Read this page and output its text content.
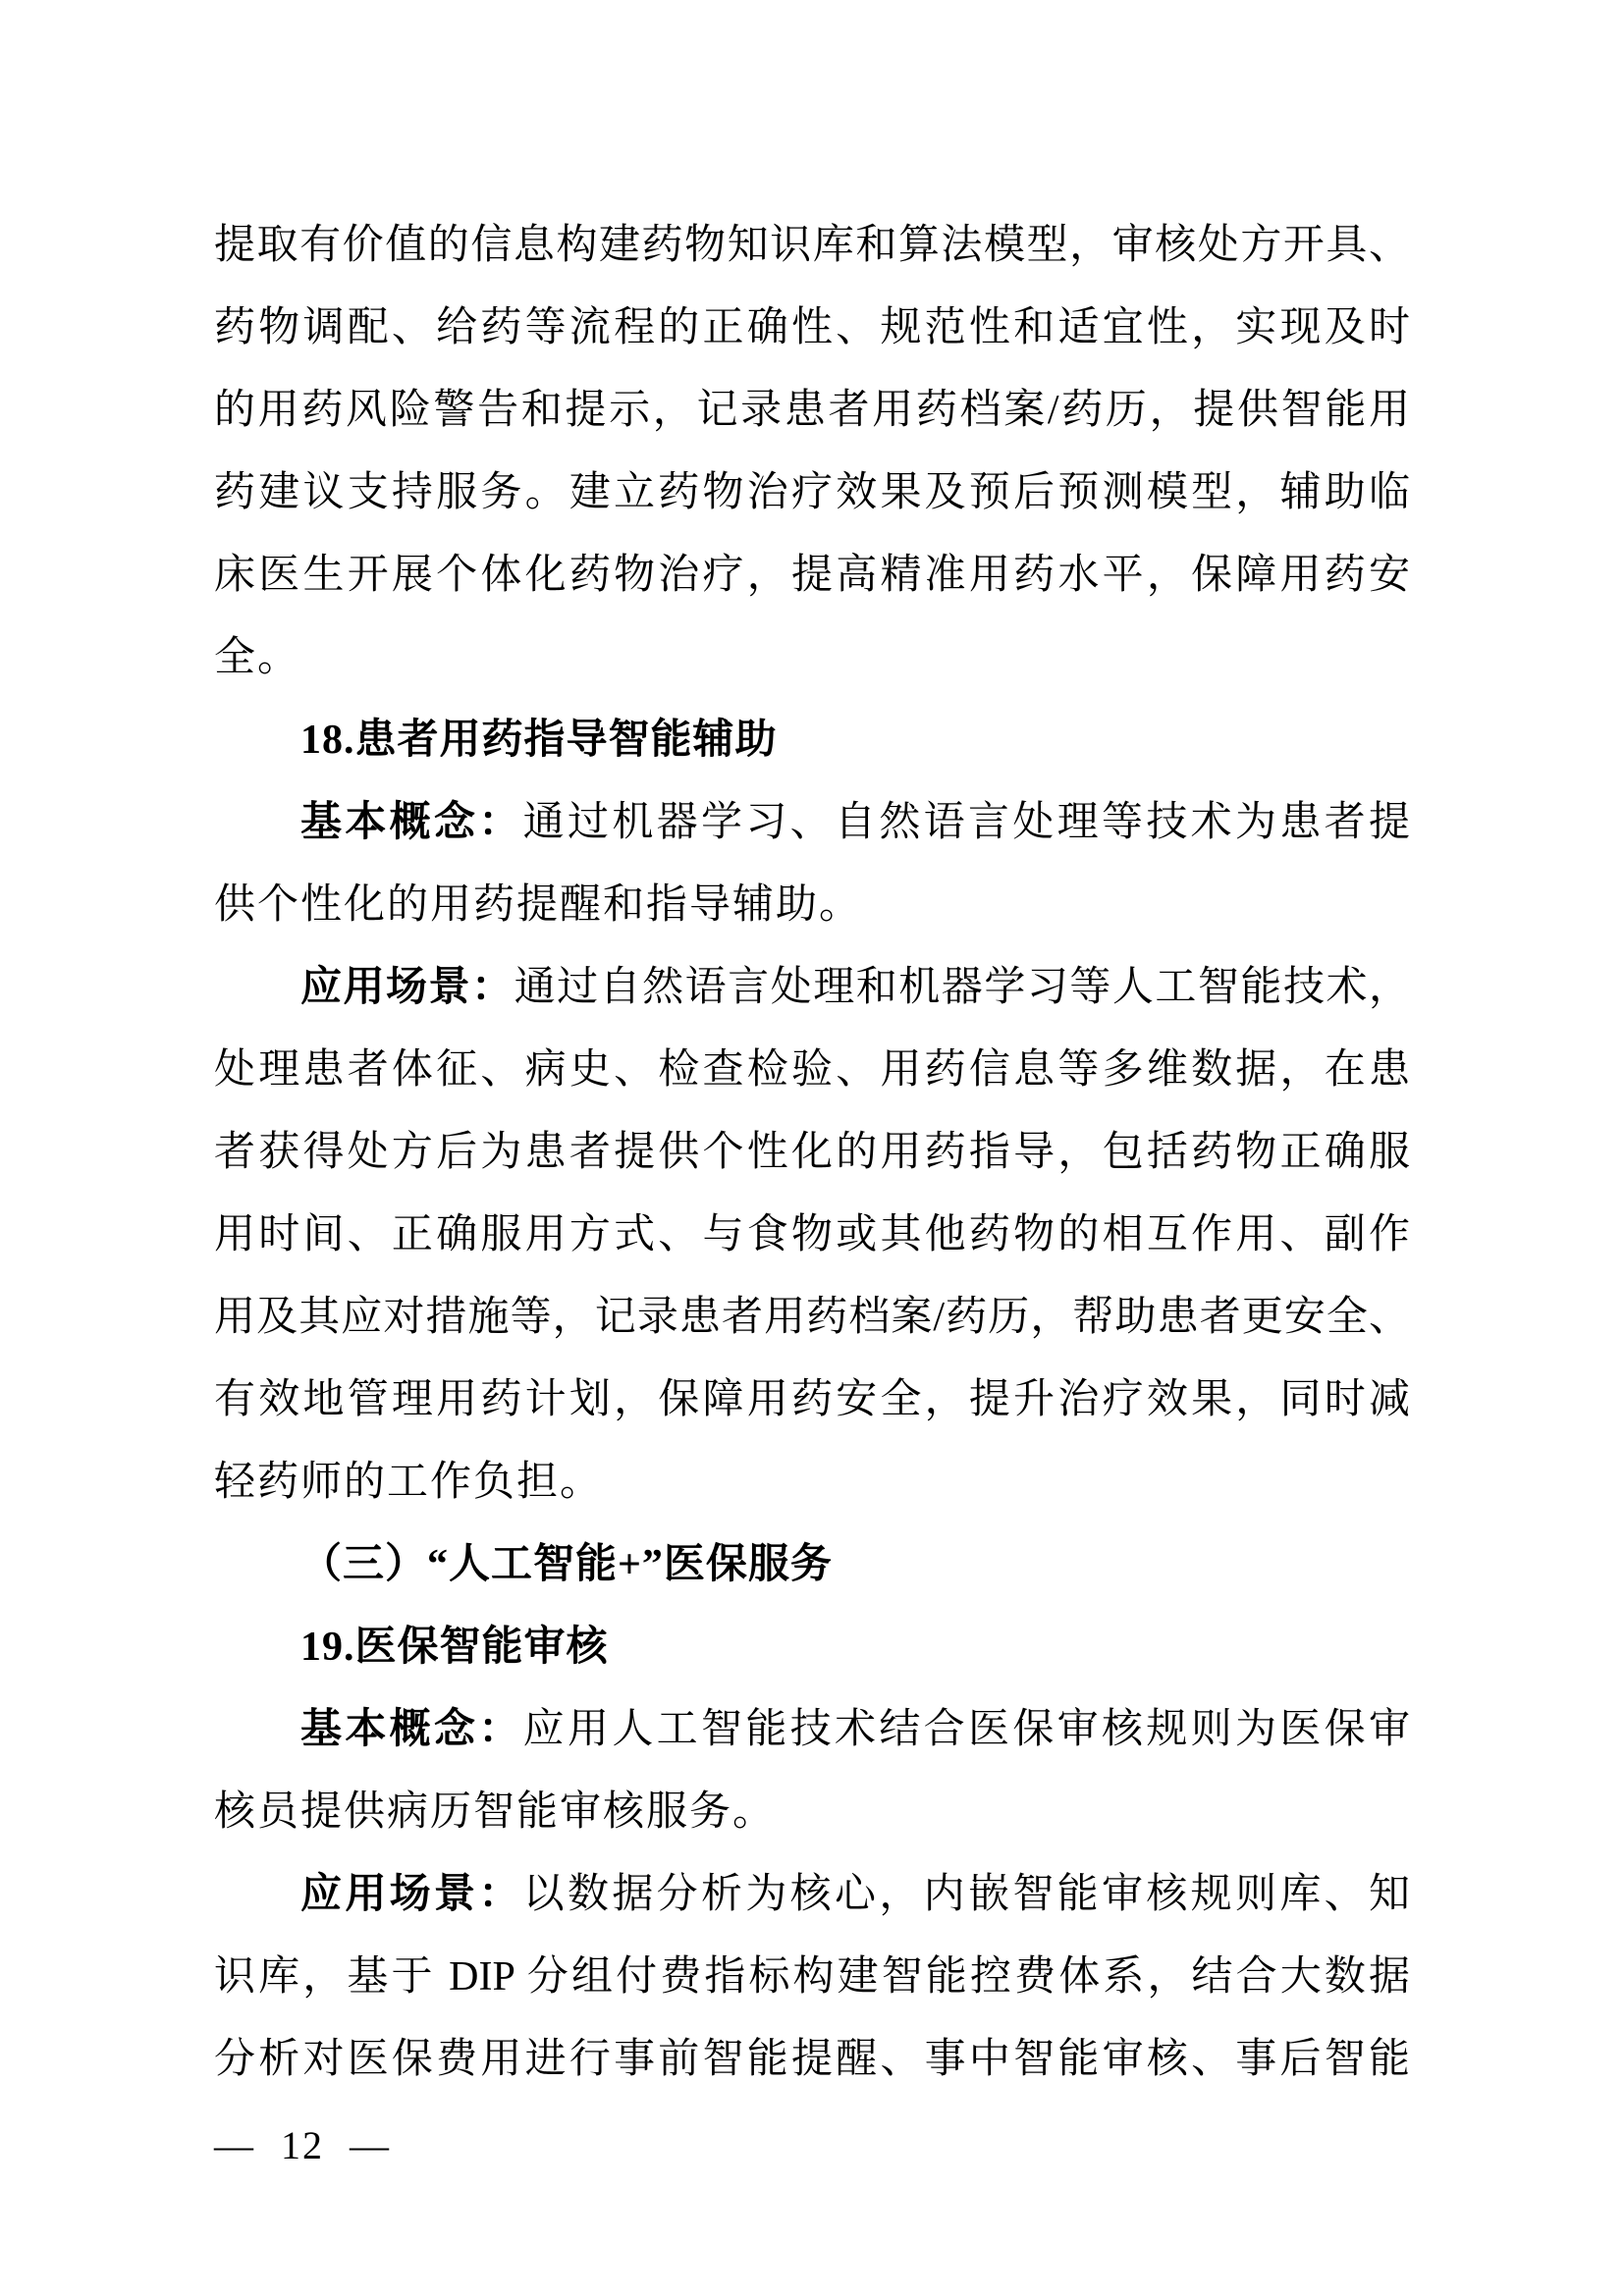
提取有价值的信息构建药物知识库和算法模型，审核处方开具、
药物调配、给药等流程的正确性、规范性和适宜性，实现及时
的用药风险警告和提示，记录患者用药档案/药历，提供智能用
药建议支持服务。建立药物治疗效果及预后预测模型，辅助临
床医生开展个体化药物治疗，提高精准用药水平，保障用药安
全。
18.患者用药指导智能辅助
基本概念：通过机器学习、自然语言处理等技术为患者提
供个性化的用药提醒和指导辅助。
应用场景：通过自然语言处理和机器学习等人工智能技术，
处理患者体征、病史、检查检验、用药信息等多维数据，在患
者获得处方后为患者提供个性化的用药指导，包括药物正确服
用时间、正确服用方式、与食物或其他药物的相互作用、副作
用及其应对措施等，记录患者用药档案/药历，帮助患者更安全、
有效地管理用药计划，保障用药安全，提升治疗效果，同时减
轻药师的工作负担。
（三）“人工智能+”医保服务
19.医保智能审核
基本概念：应用人工智能技术结合医保审核规则为医保审
核员提供病历智能审核服务。
应用场景：以数据分析为核心，内嵌智能审核规则库、知
识库，基于 DIP 分组付费指标构建智能控费体系，结合大数据
分析对医保费用进行事前智能提醒、事中智能审核、事后智能
— 12 —
